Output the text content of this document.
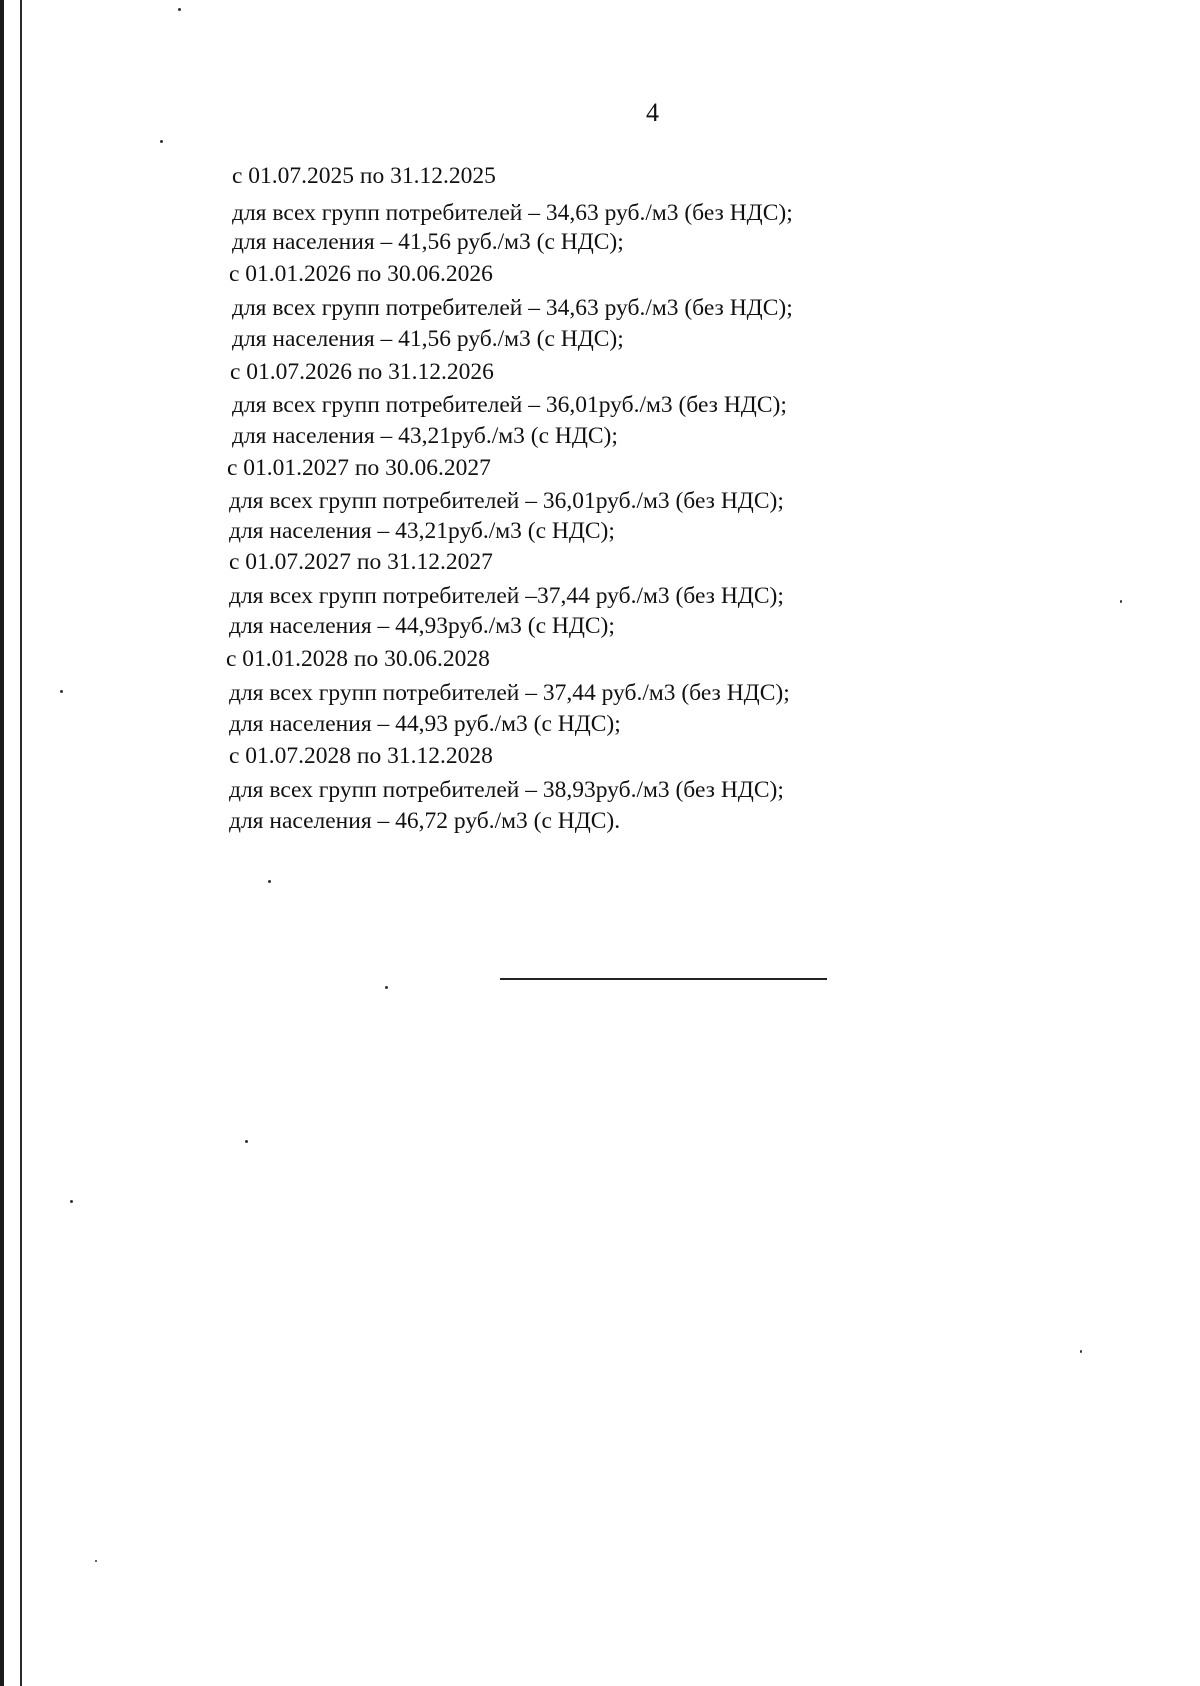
4
с 01.07.2025 по 31.12.2025
для всех групп потребителей – 34,63 руб./м3 (без НДС);
для населения – 41,56 руб./м3 (с НДС);
с 01.01.2026 по 30.06.2026
для всех групп потребителей – 34,63 руб./м3 (без НДС);
для населения – 41,56 руб./м3 (с НДС);
с 01.07.2026 по 31.12.2026
для всех групп потребителей – 36,01руб./м3 (без НДС);
для населения – 43,21руб./м3 (с НДС);
с 01.01.2027 по 30.06.2027
для всех групп потребителей – 36,01руб./м3 (без НДС);
для населения – 43,21руб./м3 (с НДС);
с 01.07.2027 по 31.12.2027
для всех групп потребителей –37,44 руб./м3 (без НДС);
для населения – 44,93руб./м3 (с НДС);
с 01.01.2028 по 30.06.2028
для всех групп потребителей – 37,44 руб./м3 (без НДС);
для населения – 44,93 руб./м3 (с НДС);
с 01.07.2028 по 31.12.2028
для всех групп потребителей – 38,93руб./м3 (без НДС);
для населения – 46,72 руб./м3 (с НДС).
